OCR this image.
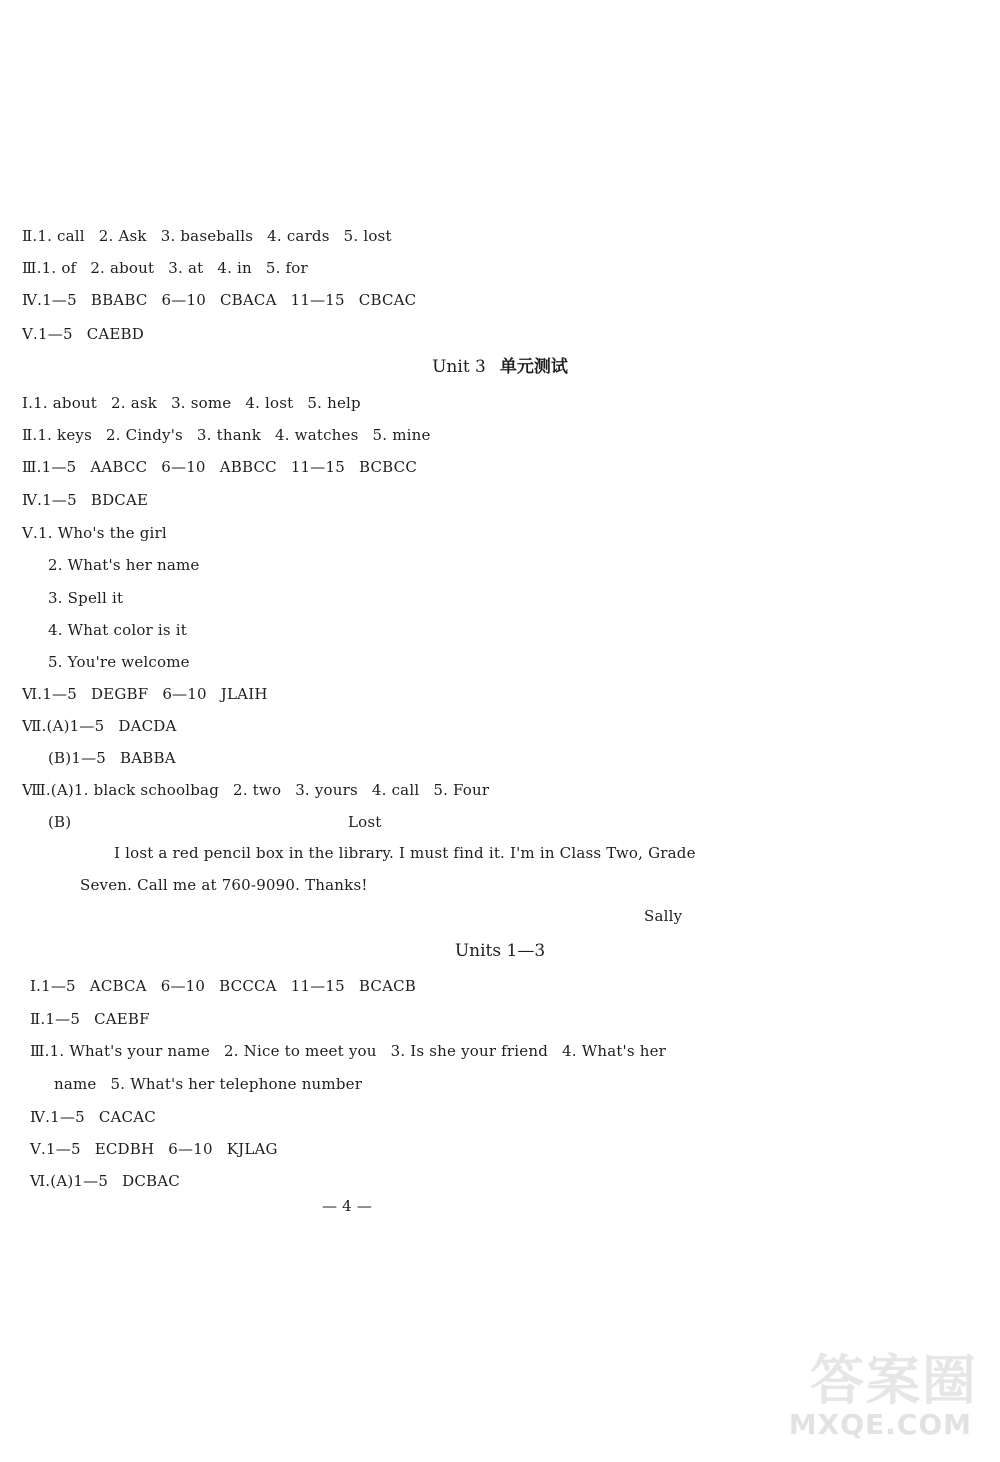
Ⅱ.1. call 2. Ask 3. baseballs 4. cards 5. lost
Ⅲ.1. of 2. about 3. at 4. in 5. for
Ⅳ.1—5 BBABC 6—10 CBACA 11—15 CBCAC
Ⅴ.1—5 CAEBD
Unit 3 单元测试
Ⅰ.1. about 2. ask 3. some 4. lost 5. help
Ⅱ.1. keys 2. Cindy's 3. thank 4. watches 5. mine
Ⅲ.1—5 AABCC 6—10 ABBCC 11—15 BCBCC
Ⅳ.1—5 BDCAE
Ⅴ.1. Who's the girl
2. What's her name
3. Spell it
4. What color is it
5. You're welcome
Ⅵ.1—5 DEGBF 6—10 JLAIH
Ⅶ.(A)1—5 DACDA
(B)1—5 BABBA
Ⅷ.(A)1. black schoolbag 2. two 3. yours 4. call 5. Four
(B)	Lost
I lost a red pencil box in the library. I must find it. I'm in Class Two, Grade
Seven. Call me at 760-9090. Thanks!
Sally
Units 1—3
Ⅰ.1—5 ACBCA 6—10 BCCCA 11—15 BCACB
Ⅱ.1—5 CAEBF
Ⅲ.1. What's your name 2. Nice to meet you 3. Is she your friend 4. What's her
name 5. What's her telephone number
Ⅳ.1—5 CACAC
Ⅴ.1—5 ECDBH 6—10 KJLAG
Ⅵ.(A)1—5 DCBAC
— 4 —
答案圈
MXQE.COM
